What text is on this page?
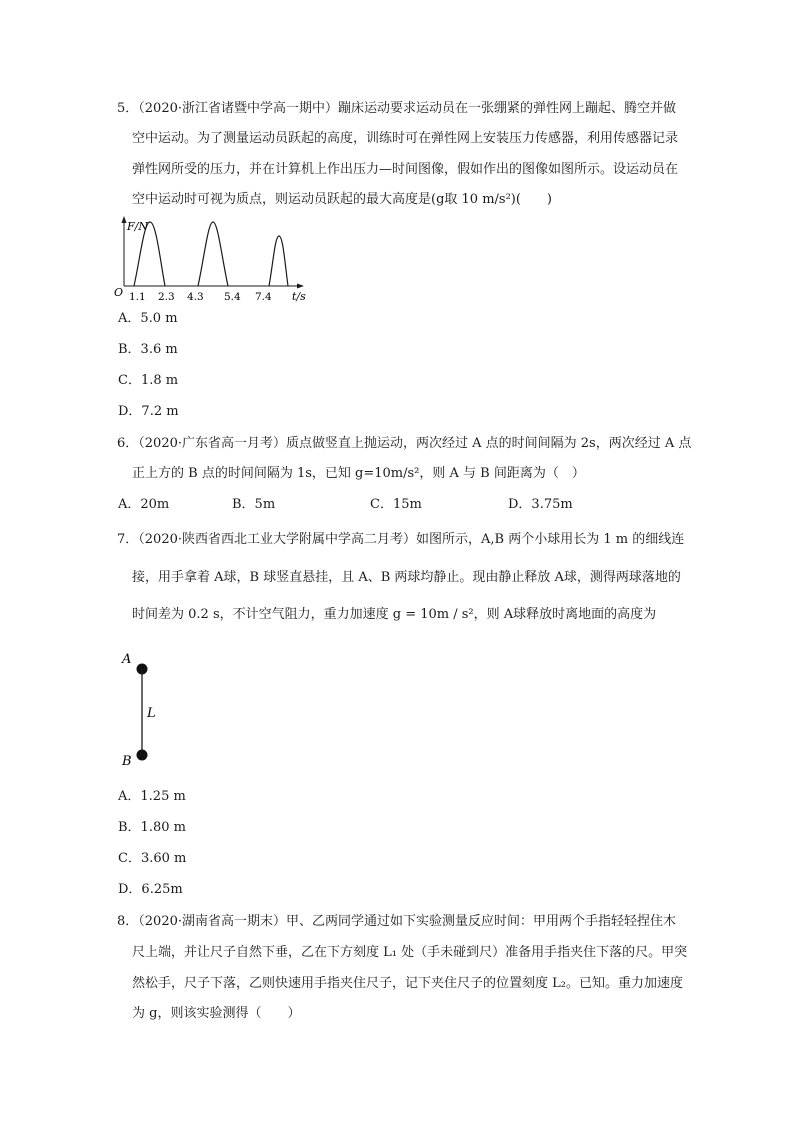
5．（2020·浙江省诸暨中学高一期中）蹦床运动要求运动员在一张绷紧的弹性网上蹦起、腾空并做
空中运动。为了测量运动员跃起的高度，训练时可在弹性网上安装压力传感器，利用传感器记录
弹性网所受的压力，并在计算机上作出压力—时间图像，假如作出的图像如图所示。设运动员在
空中运动时可视为质点，则运动员跃起的最大高度是(g取 10 m/s²)(　　)
F/N
O 1.1 2.3 4.3 5.4 7.4 t/s
A．5.0 m
B．3.6 m
C．1.8 m
D．7.2 m
6．（2020·广东省高一月考）质点做竖直上抛运动，两次经过 A 点的时间间隔为 2s，两次经过 A 点
正上方的 B 点的时间间隔为 1s，已知 g=10m/s²，则 A 与 B 间距离为（　）
A．20m	B．5m	C．15m	D．3.75m
7．（2020·陕西省西北工业大学附属中学高二月考）如图所示，A,B 两个小球用长为 1 m 的细线连
接，用手拿着 A球，B 球竖直悬挂，且 A、B 两球均静止。现由静止释放 A球，测得两球落地的
时间差为 0.2 s，不计空气阻力，重力加速度 g = 10m / s²，则 A球释放时离地面的高度为
A
L
B
A．1.25 m
B．1.80 m
C．3.60 m
D．6.25m
8．（2020·湖南省高一期末）甲、乙两同学通过如下实验测量反应时间：甲用两个手指轻轻捏住木
尺上端，并让尺子自然下垂，乙在下方刻度 L₁ 处（手未碰到尺）准备用手指夹住下落的尺。甲突
然松手，尺子下落，乙则快速用手指夹住尺子，记下夹住尺子的位置刻度 L₂。已知。重力加速度
为 g，则该实验测得（　　）
